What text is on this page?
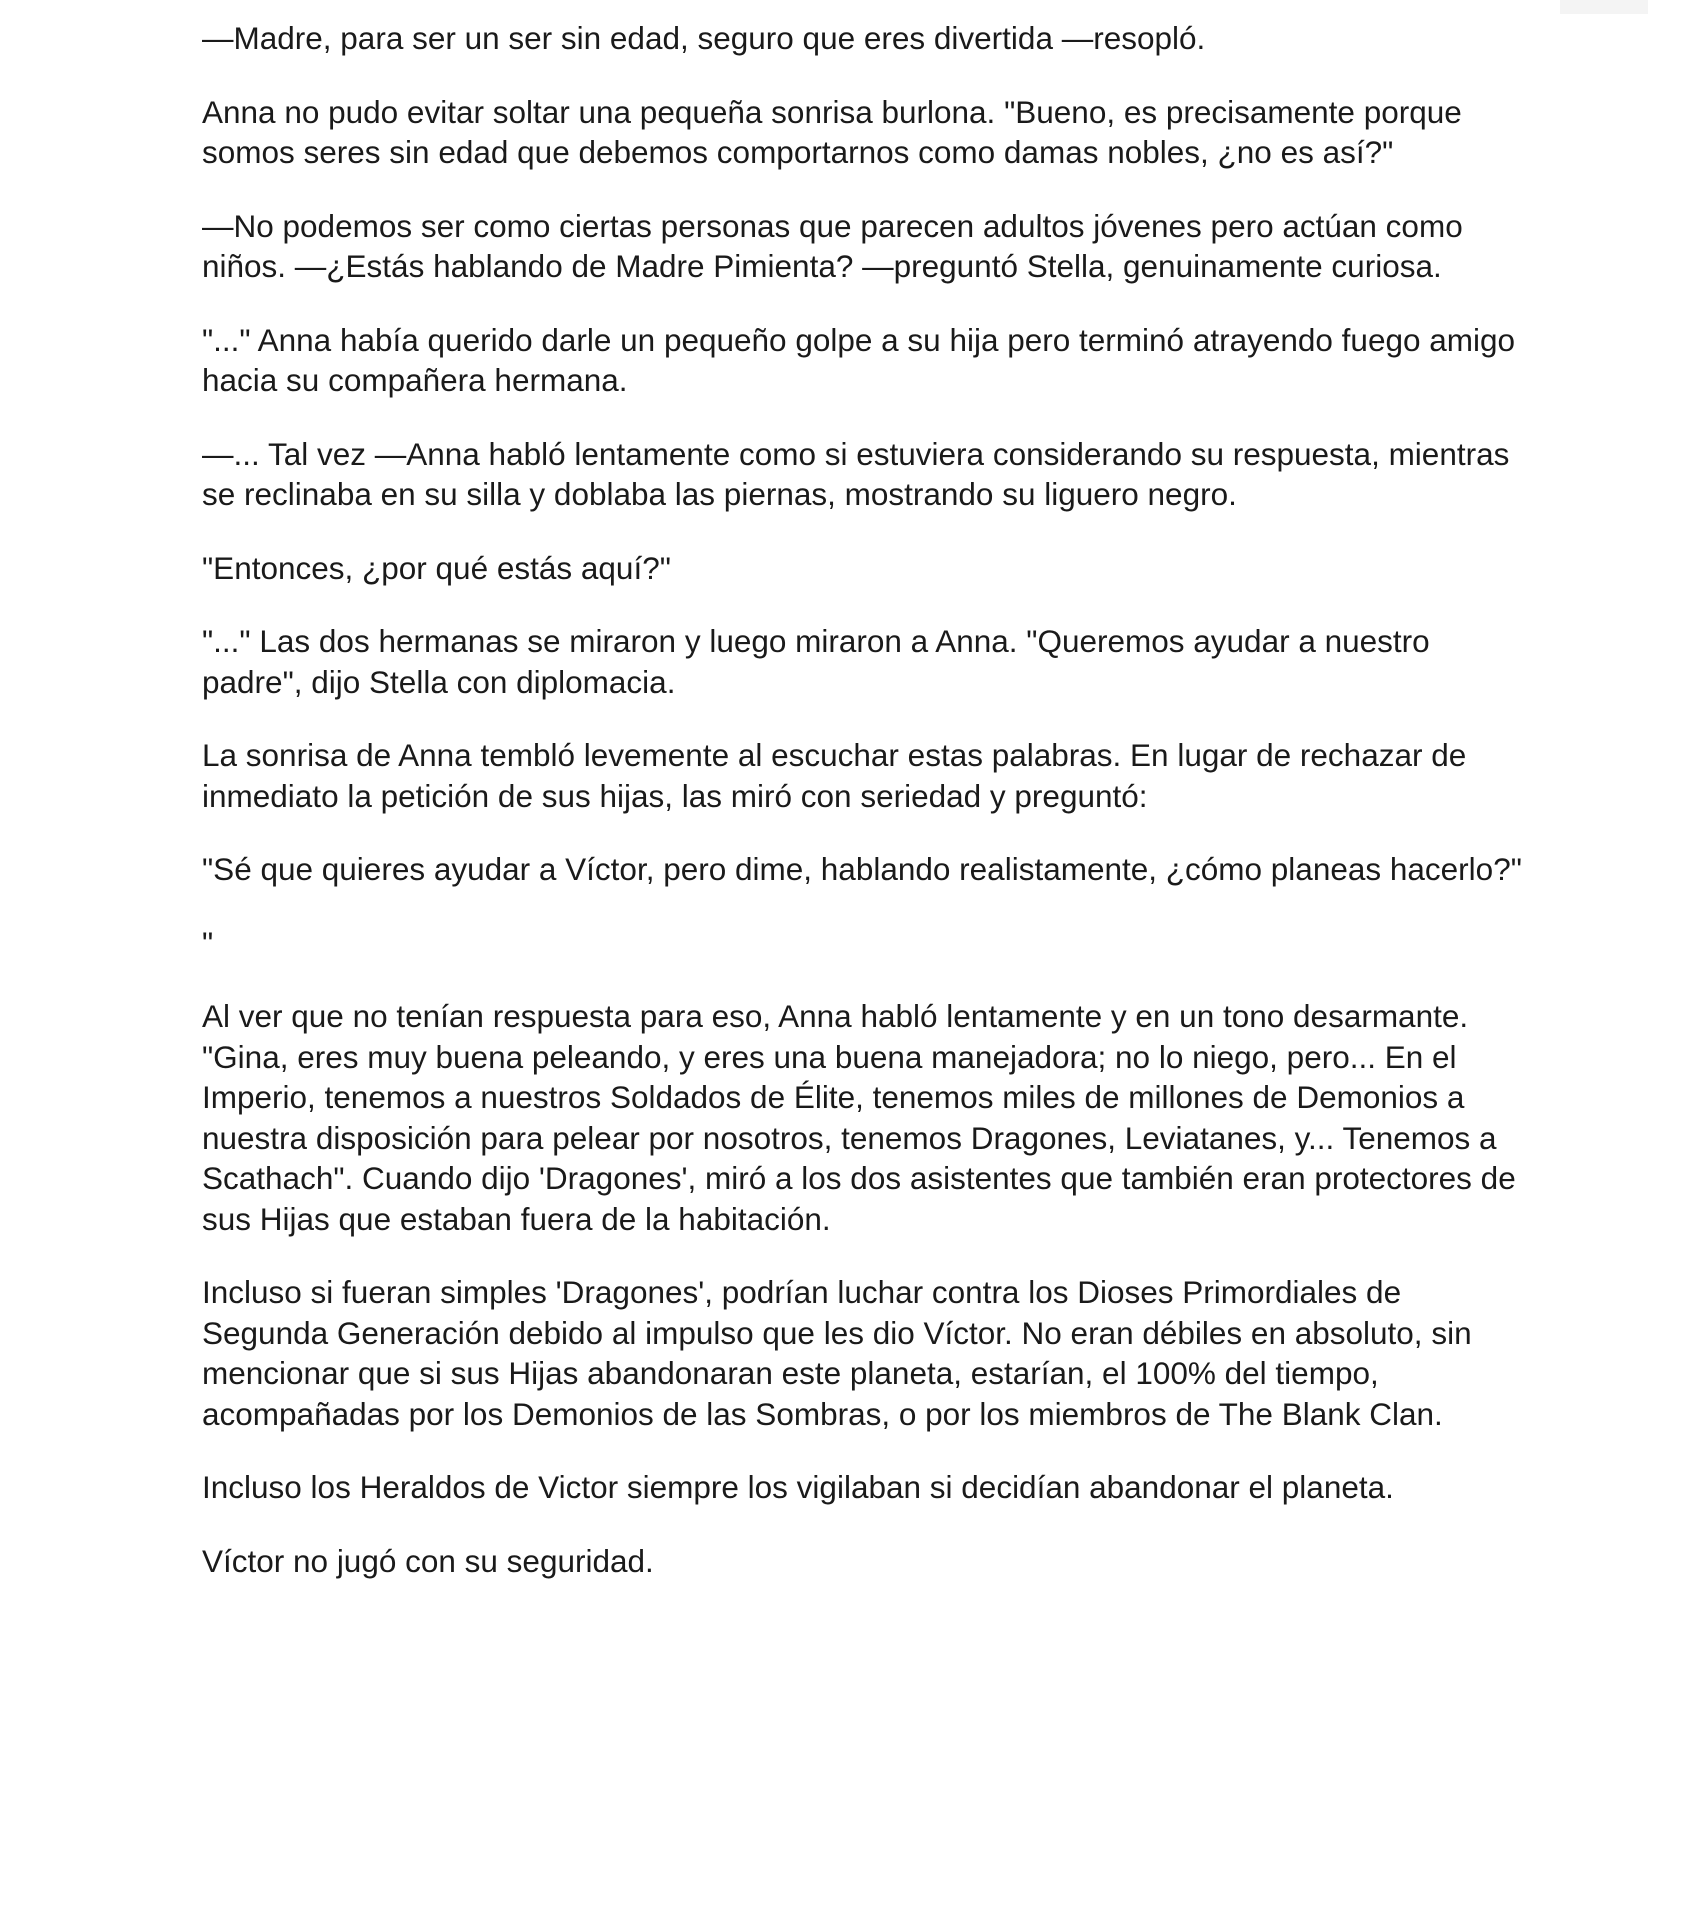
—Madre, para ser un ser sin edad, seguro que eres divertida —resopló.

Anna no pudo evitar soltar una pequeña sonrisa burlona. "Bueno, es precisamente porque somos seres sin edad que debemos comportarnos como damas nobles, ¿no es así?"

—No podemos ser como ciertas personas que parecen adultos jóvenes pero actúan como niños. —¿Estás hablando de Madre Pimienta? —preguntó Stella, genuinamente curiosa.

"..." Anna había querido darle un pequeño golpe a su hija pero terminó atrayendo fuego amigo hacia su compañera hermana.

—... Tal vez —Anna habló lentamente como si estuviera considerando su respuesta, mientras se reclinaba en su silla y doblaba las piernas, mostrando su liguero negro.

"Entonces, ¿por qué estás aquí?"

"..." Las dos hermanas se miraron y luego miraron a Anna. "Queremos ayudar a nuestro padre", dijo Stella con diplomacia.

La sonrisa de Anna tembló levemente al escuchar estas palabras. En lugar de rechazar de inmediato la petición de sus hijas, las miró con seriedad y preguntó:

"Sé que quieres ayudar a Víctor, pero dime, hablando realistamente, ¿cómo planeas hacerlo?"

"

Al ver que no tenían respuesta para eso, Anna habló lentamente y en un tono desarmante. "Gina, eres muy buena peleando, y eres una buena manejadora; no lo niego, pero... En el Imperio, tenemos a nuestros Soldados de Élite, tenemos miles de millones de Demonios a nuestra disposición para pelear por nosotros, tenemos Dragones, Leviatanes, y... Tenemos a Scathach". Cuando dijo 'Dragones', miró a los dos asistentes que también eran protectores de sus Hijas que estaban fuera de la habitación.

Incluso si fueran simples 'Dragones', podrían luchar contra los Dioses Primordiales de Segunda Generación debido al impulso que les dio Víctor. No eran débiles en absoluto, sin mencionar que si sus Hijas abandonaran este planeta, estarían, el 100% del tiempo, acompañadas por los Demonios de las Sombras, o por los miembros de The Blank Clan.

Incluso los Heraldos de Victor siempre los vigilaban si decidían abandonar el planeta.

Víctor no jugó con su seguridad.
